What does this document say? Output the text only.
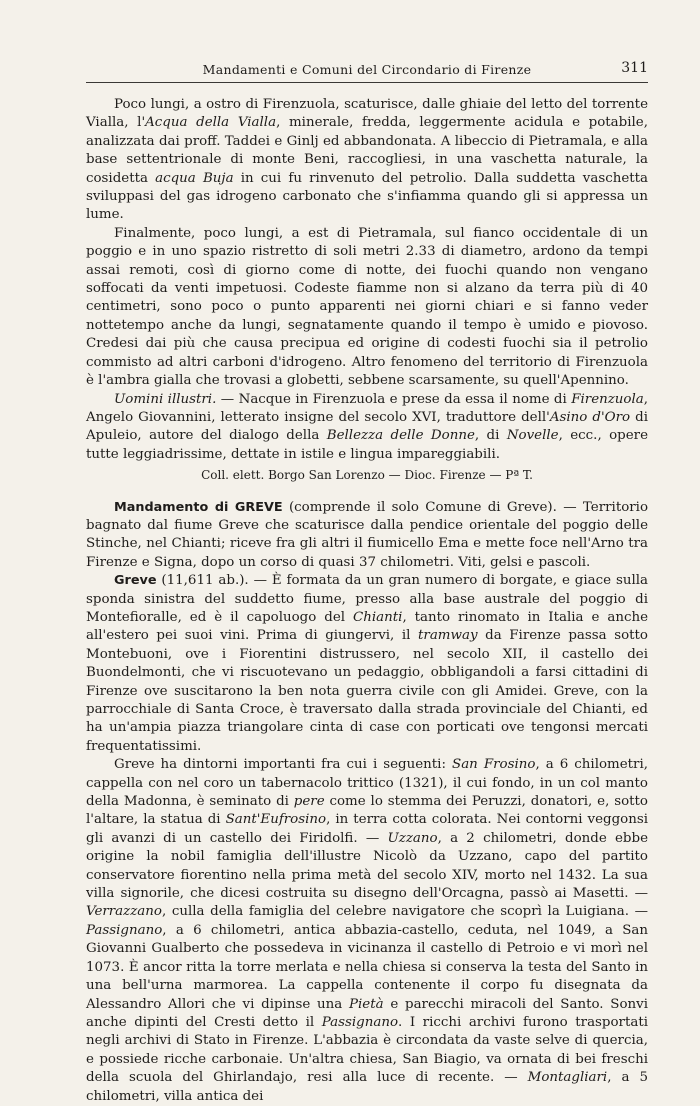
Mandamenti e Comuni del Circondario di Firenze	311

Poco lungi, a ostro di Firenzuola, scaturisce, dalle ghiaie del letto del torrente Vialla, l'Acqua della Vialla, minerale, fredda, leggermente acidula e potabile, analizzata dai proff. Taddei e Ginlj ed abbandonata. A libeccio di Pietramala, e alla base settentrionale di monte Beni, raccogliesi, in una vaschetta naturale, la cosidetta acqua Buja in cui fu rinvenuto del petrolio. Dalla suddetta vaschetta sviluppasi del gas idrogeno carbonato che s'infiamma quando gli si appressa un lume.

Finalmente, poco lungi, a est di Pietramala, sul fianco occidentale di un poggio e in uno spazio ristretto di soli metri 2.33 di diametro, ardono da tempi assai remoti, così di giorno come di notte, dei fuochi quando non vengano soffocati da venti impetuosi. Codeste fiamme non si alzano da terra più di 40 centimetri, sono poco o punto apparenti nei giorni chiari e si fanno veder nottetempo anche da lungi, segnatamente quando il tempo è umido e piovoso. Credesi dai più che causa precipua ed origine di codesti fuochi sia il petrolio commisto ad altri carboni d'idrogeno. Altro fenomeno del territorio di Firenzuola è l'ambra gialla che trovasi a globetti, sebbene scarsamente, su quell'Apennino.

Uomini illustri. — Nacque in Firenzuola e prese da essa il nome di Firenzuola, Angelo Giovannini, letterato insigne del secolo XVI, traduttore dell'Asino d'Oro di Apuleio, autore del dialogo della Bellezza delle Donne, di Novelle, ecc., opere tutte leggiadrissime, dettate in istile e lingua impareggiabili.

Coll. elett. Borgo San Lorenzo — Dioc. Firenze — Pª T.

Mandamento di GREVE (comprende il solo Comune di Greve). — Territorio bagnato dal fiume Greve che scaturisce dalla pendice orientale del poggio delle Stinche, nel Chianti; riceve fra gli altri il fiumicello Ema e mette foce nell'Arno tra Firenze e Signa, dopo un corso di quasi 37 chilometri. Viti, gelsi e pascoli.

Greve (11,611 ab.). — È formata da un gran numero di borgate, e giace sulla sponda sinistra del suddetto fiume, presso alla base australe del poggio di Montefioralle, ed è il capoluogo del Chianti, tanto rinomato in Italia e anche all'estero pei suoi vini. Prima di giungervi, il tramway da Firenze passa sotto Montebuoni, ove i Fiorentini distrussero, nel secolo XII, il castello dei Buondelmonti, che vi riscuotevano un pedaggio, obbligandoli a farsi cittadini di Firenze ove suscitarono la ben nota guerra civile con gli Amidei. Greve, con la parrocchiale di Santa Croce, è traversato dalla strada provinciale del Chianti, ed ha un'ampia piazza triangolare cinta di case con porticati ove tengonsi mercati frequentatissimi.

Greve ha dintorni importanti fra cui i seguenti: San Frosino, a 6 chilometri, cappella con nel coro un tabernacolo trittico (1321), il cui fondo, in un col manto della Madonna, è seminato di pere come lo stemma dei Peruzzi, donatori, e, sotto l'altare, la statua di Sant'Eufrosino, in terra cotta colorata. Nei contorni veggonsi gli avanzi di un castello dei Firidolfi. — Uzzano, a 2 chilometri, donde ebbe origine la nobil famiglia dell'illustre Nicolò da Uzzano, capo del partito conservatore fiorentino nella prima metà del secolo XIV, morto nel 1432. La sua villa signorile, che dicesi costruita su disegno dell'Orcagna, passò ai Masetti. — Verrazzano, culla della famiglia del celebre navigatore che scoprì la Luigiana. — Passignano, a 6 chilometri, antica abbazia-castello, ceduta, nel 1049, a San Giovanni Gualberto che possedeva in vicinanza il castello di Petroio e vi morì nel 1073. È ancor ritta la torre merlata e nella chiesa si conserva la testa del Santo in una bell'urna marmorea. La cappella contenente il corpo fu disegnata da Alessandro Allori che vi dipinse una Pietà e parecchi miracoli del Santo. Sonvi anche dipinti del Cresti detto il Passignano. I ricchi archivi furono trasportati negli archivi di Stato in Firenze. L'abbazia è circondata da vaste selve di quercia, e possiede ricche carbonaie. Un'altra chiesa, San Biagio, va ornata di bei freschi della scuola del Ghirlandajo, resi alla luce di recente. — Montagliari, a 5 chilometri, villa antica dei
